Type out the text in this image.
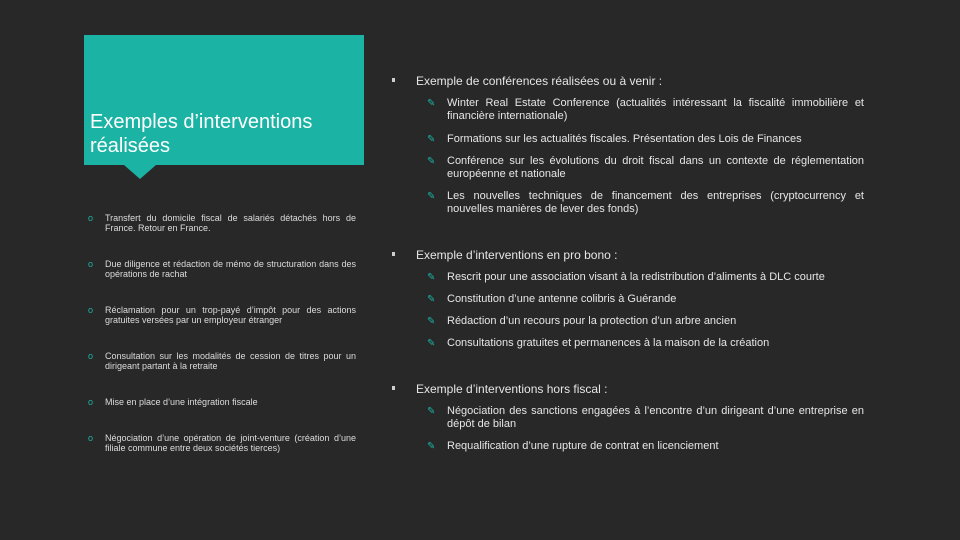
Exemples d’interventions réalisées
o Transfert du domicile fiscal de salariés détachés hors de France. Retour en France.
o Due diligence et rédaction de mémo de structuration dans des opérations de rachat
o Réclamation pour un trop-payé d’impôt pour des actions gratuites versées par un employeur étranger
o Consultation sur les modalités de cession de titres pour un dirigeant partant à la retraite
o Mise en place d’une intégration fiscale
o Négociation d’une opération de joint-venture (création d’une filiale commune entre deux sociétés tierces)
Exemple de conférences réalisées ou à venir :
✎ Winter Real Estate Conference (actualités intéressant la fiscalité immobilière et financière internationale)
✎ Formations sur les actualités fiscales. Présentation des Lois de Finances
✎ Conférence sur les évolutions du droit fiscal dans un contexte de réglementation européenne et nationale
✎ Les nouvelles techniques de financement des entreprises (cryptocurrency et nouvelles manières de lever des fonds)
Exemple d’interventions en pro bono :
✎ Rescrit pour une association visant à la redistribution d’aliments à DLC courte
✎ Constitution d’une antenne colibris à Guérande
✎ Rédaction d’un recours pour la protection d’un arbre ancien
✎ Consultations gratuites et permanences à la maison de la création
Exemple d’interventions hors fiscal :
✎ Négociation des sanctions engagées à l’encontre d’un dirigeant d’une entreprise en dépôt de bilan
✎ Requalification d’une rupture de contrat en licenciement
